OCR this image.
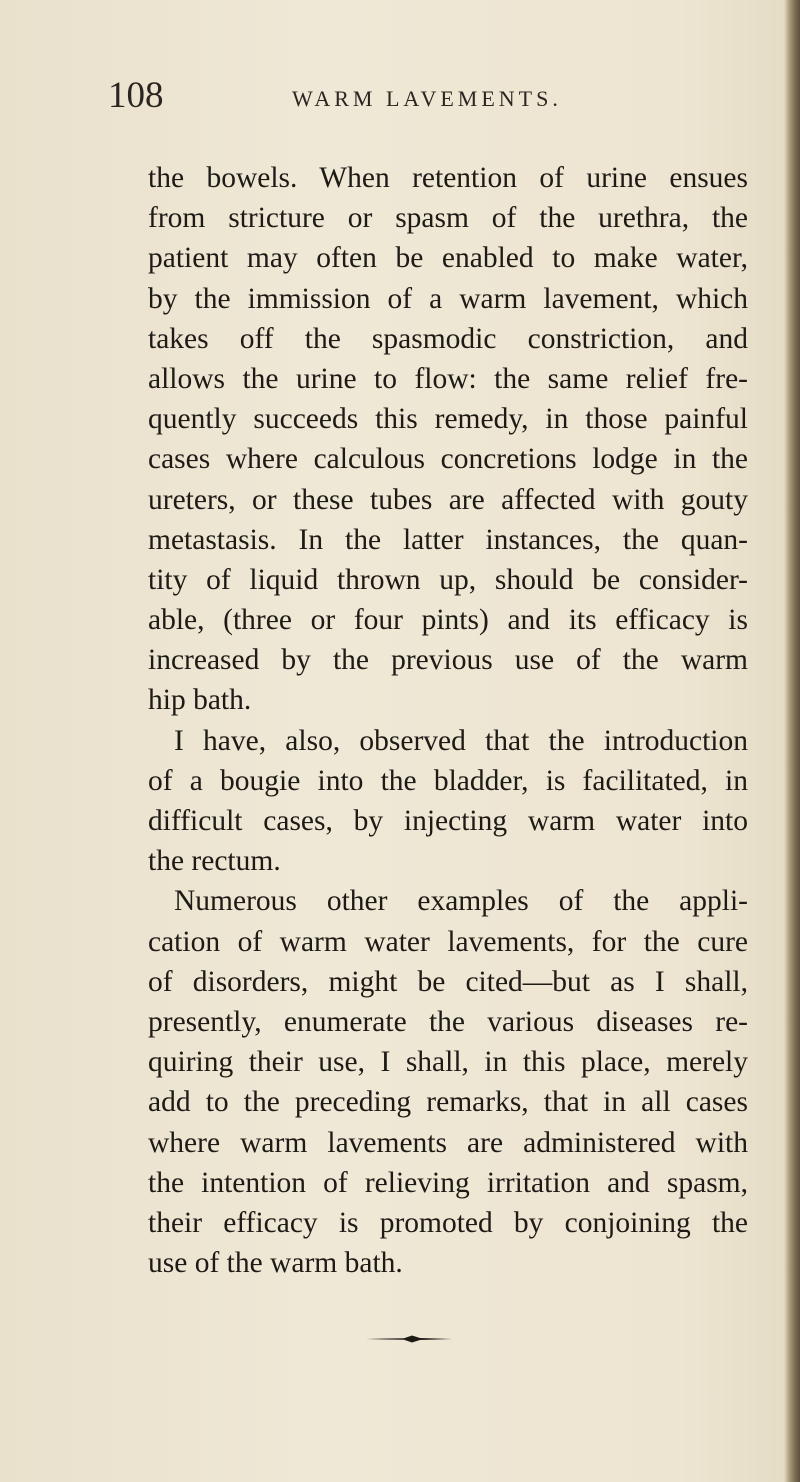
108	WARM LAVEMENTS.
the bowels. When retention of urine ensues
from stricture or spasm of the urethra, the
patient may often be enabled to make water,
by the immission of a warm lavement, which
takes off the spasmodic constriction, and
allows the urine to flow: the same relief fre-
quently succeeds this remedy, in those painful
cases where calculous concretions lodge in the
ureters, or these tubes are affected with gouty
metastasis. In the latter instances, the quan-
tity of liquid thrown up, should be consider-
able, (three or four pints) and its efficacy is
increased by the previous use of the warm
hip bath.
I have, also, observed that the introduction
of a bougie into the bladder, is facilitated, in
difficult cases, by injecting warm water into
the rectum.
Numerous other examples of the appli-
cation of warm water lavements, for the cure
of disorders, might be cited—but as I shall,
presently, enumerate the various diseases re-
quiring their use, I shall, in this place, merely
add to the preceding remarks, that in all cases
where warm lavements are administered with
the intention of relieving irritation and spasm,
their efficacy is promoted by conjoining the
use of the warm bath.
